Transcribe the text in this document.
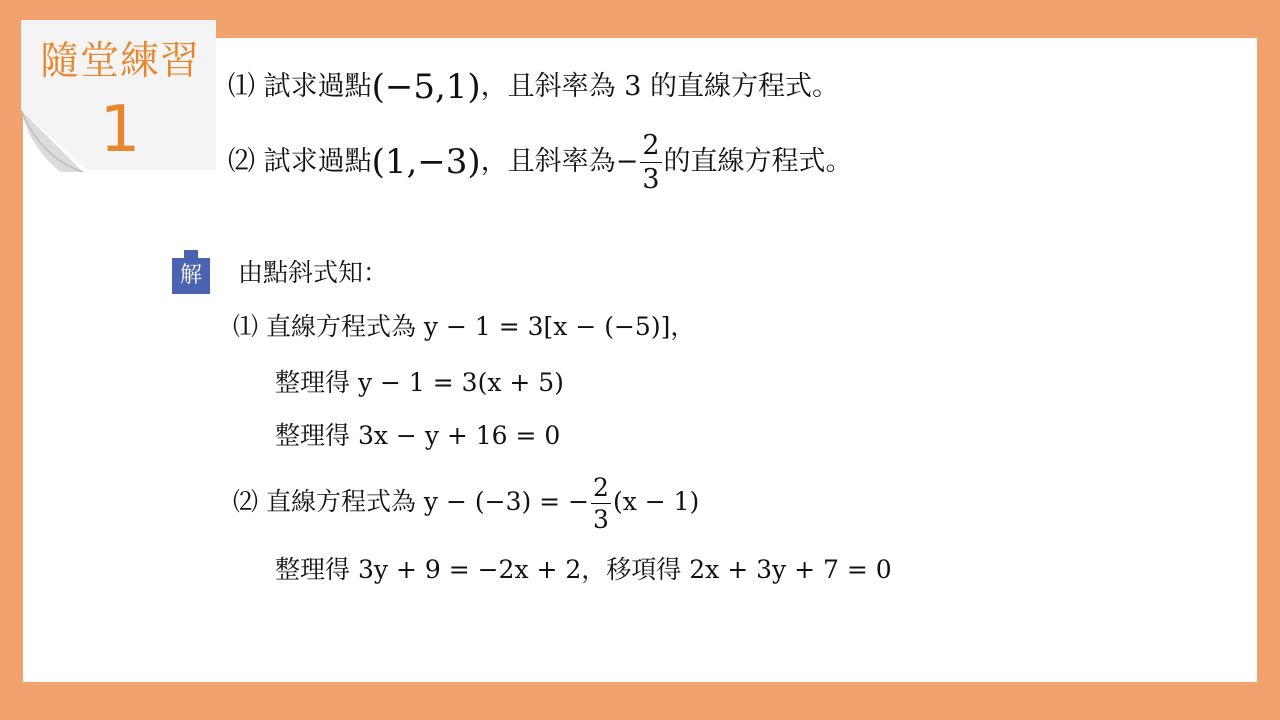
隨堂練習
1
⑴ 試求過點(−5,1)，且斜率為 3 的直線方程式。
⑵ 試求過點(1,−3)，且斜率為− $\frac{2}{3}$ 的直線方程式。
解	由點斜式知：
⑴ 直線方程式為 y − 1 = 3[x − (−5)]，
整理得 y − 1 = 3(x + 5)
整理得 3x − y + 16 = 0
⑵ 直線方程式為 y − (−3) = − $\frac{2}{3} (x - 1)$
整理得 3y + 9 = −2x + 2，移項得 2x + 3y + 7 = 0
